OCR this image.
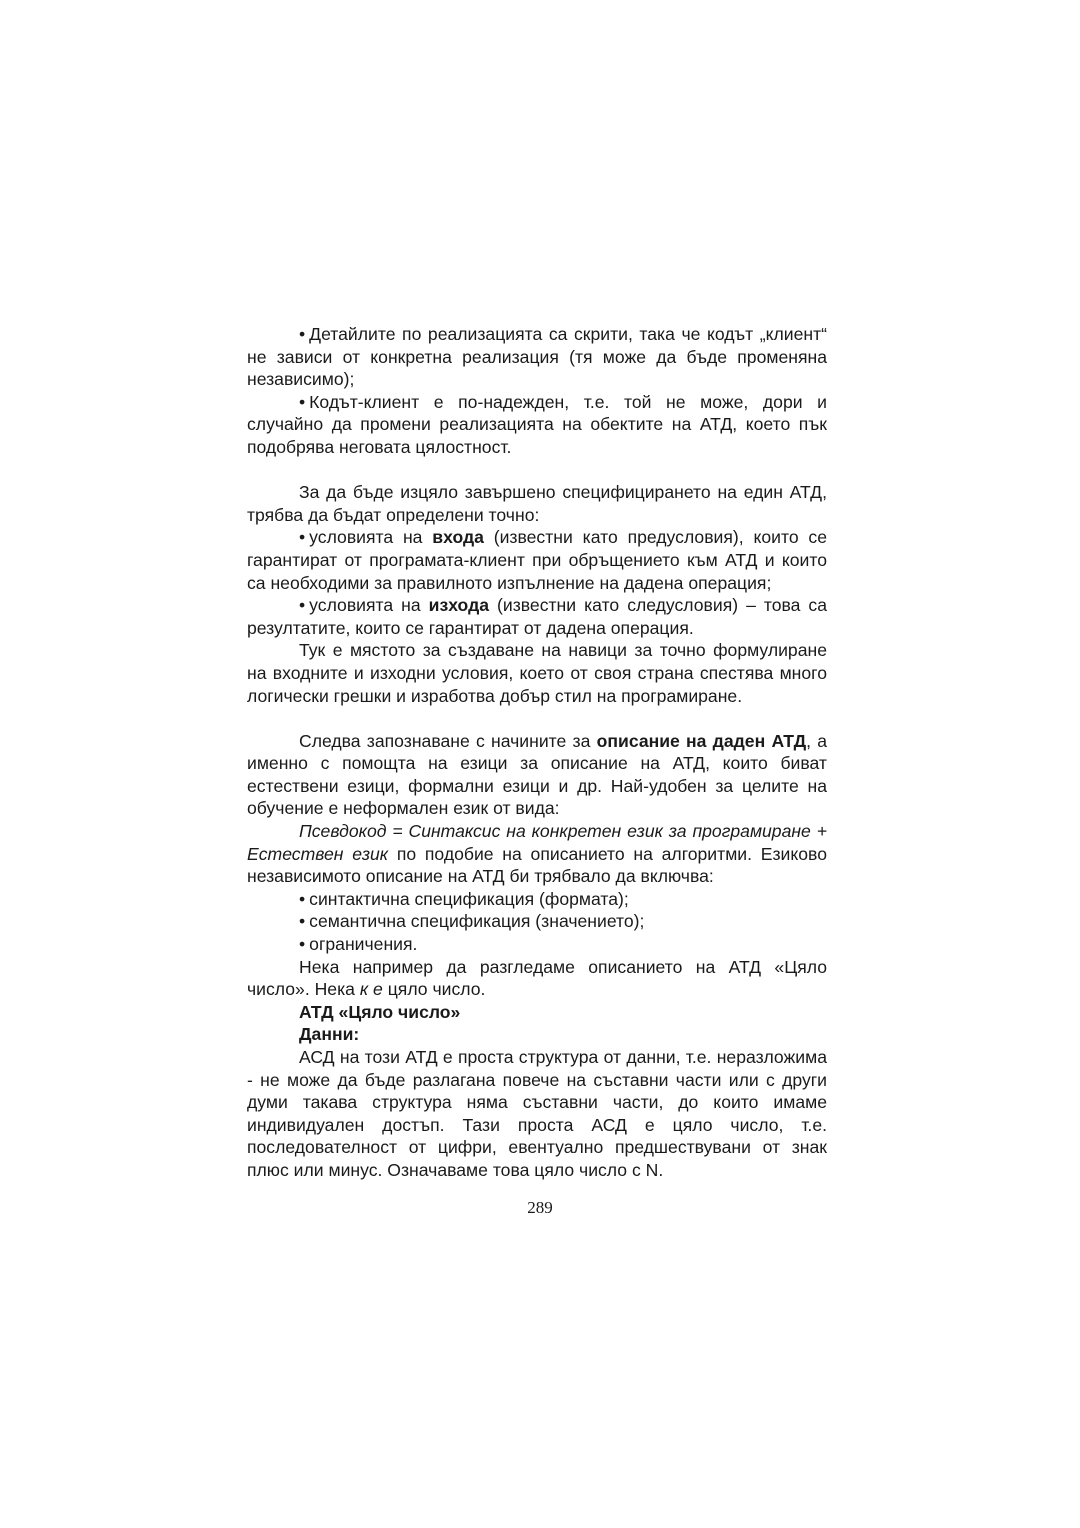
• Детайлите по реализацията са скрити, така че кодът „клиент“ не зависи от конкретна реализация (тя може да бъде променяна независимо);

• Кодът-клиент е по-надежден, т.е. той не може, дори и случайно да промени реализацията на обектите на АТД, което пък подобрява неговата цялостност.

За да бъде изцяло завършено специфицирането на един АТД, трябва да бъдат определени точно:

• условията на входа (известни като предусловия), които се гарантират от програмата-клиент при обръщението към АТД и които са необходими за правилното изпълнение на дадена операция;

• условията на изхода (известни като следусловия) – това са резултатите, които се гарантират от дадена операция.

Тук е мястото за създаване на навици за точно формулиране на входните и изходни условия, което от своя страна спестява много логически грешки и изработва добър стил на програмиране.

Следва запознаване с начините за описание на даден АТД, а именно с помощта на езици за описание на АТД, които биват естествени езици, формални езици и др. Най-удобен за целите на обучение е неформален език от вида:

Псевдокод = Синтаксис на конкретен език за програмиране + Естествен език по подобие на описанието на алгоритми. Езиково независимото описание на АТД би трябвало да включва:

• синтактична спецификация (формата);

• семантична спецификация (значението);

• ограничения.

Нека например да разгледаме описанието на АТД «Цяло число». Нека к е цяло число.

АТД «Цяло число»

Данни:

АСД на този АТД е проста структура от данни, т.е. неразложима - не може да бъде разлагана повече на съставни части или с други думи такава структура няма съставни части, до които имаме индивидуален достъп. Тази проста АСД е цяло число, т.е. последователност от цифри, евентуално предшествувани от знак плюс или минус. Означаваме това цяло число с N.

289
